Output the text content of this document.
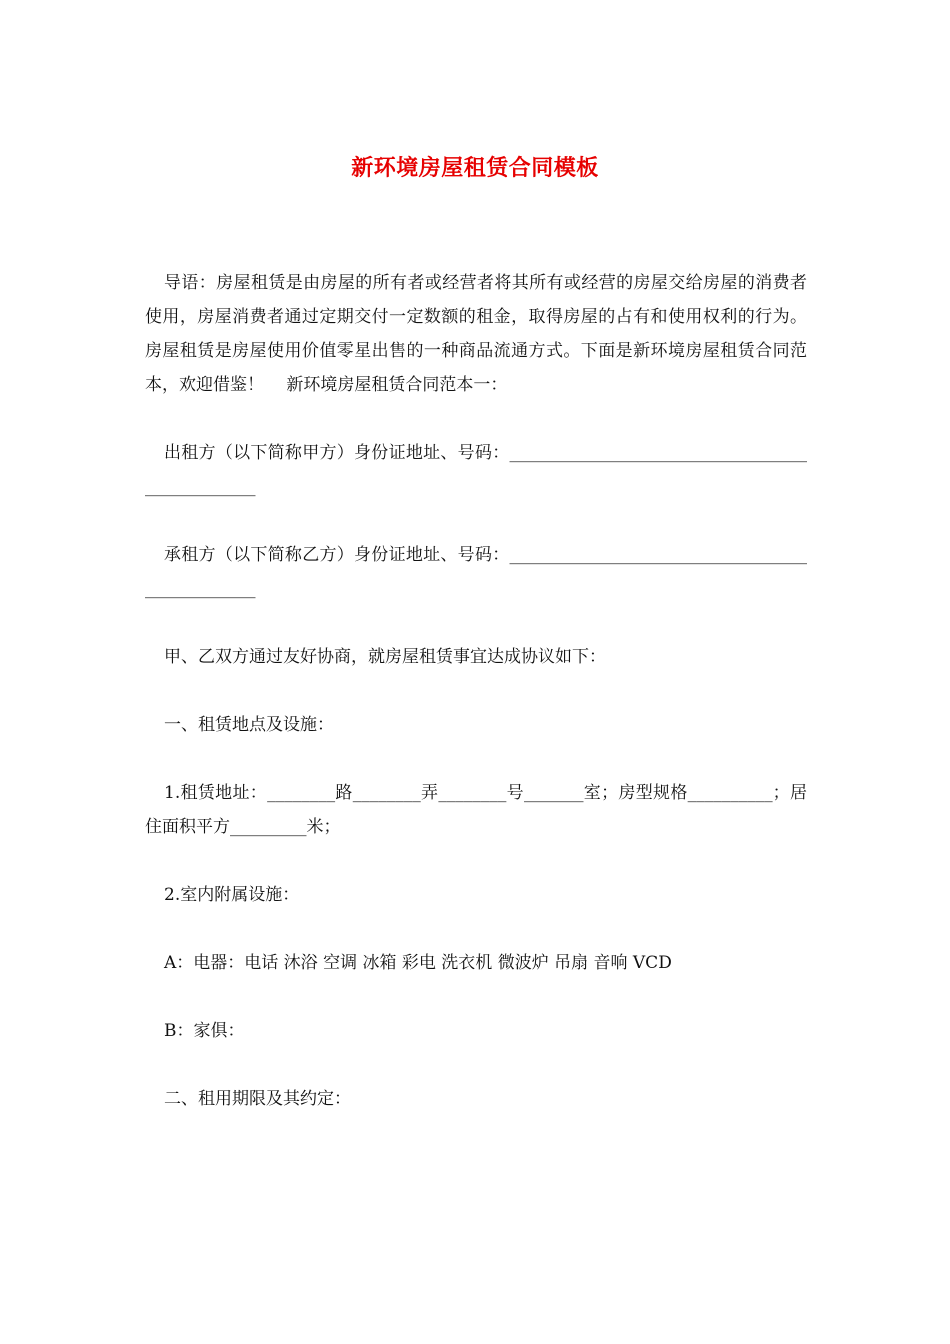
新环境房屋租赁合同模板

导语：房屋租赁是由房屋的所有者或经营者将其所有或经营的房屋交给房屋的消费者使用，房屋消费者通过定期交付一定数额的租金，取得房屋的占有和使用权利的行为。房屋租赁是房屋使用价值零星出售的一种商品流通方式。下面是新环境房屋租赁合同范本，欢迎借鉴！　 新环境房屋租赁合同范本一：

出租方（以下简称甲方）身份证地址、号码：________________________________________________

承租方（以下简称乙方）身份证地址、号码：________________________________________________

甲、乙双方通过友好协商，就房屋租赁事宜达成协议如下：

一、租赁地点及设施：

1.租赁地址：________路________弄________号_______室；房型规格__________；居住面积平方_________米；

2.室内附属设施：

A：电器：电话 沐浴 空调 冰箱 彩电 洗衣机 微波炉 吊扇 音响 VCD

B：家俱：

二、租用期限及其约定：
